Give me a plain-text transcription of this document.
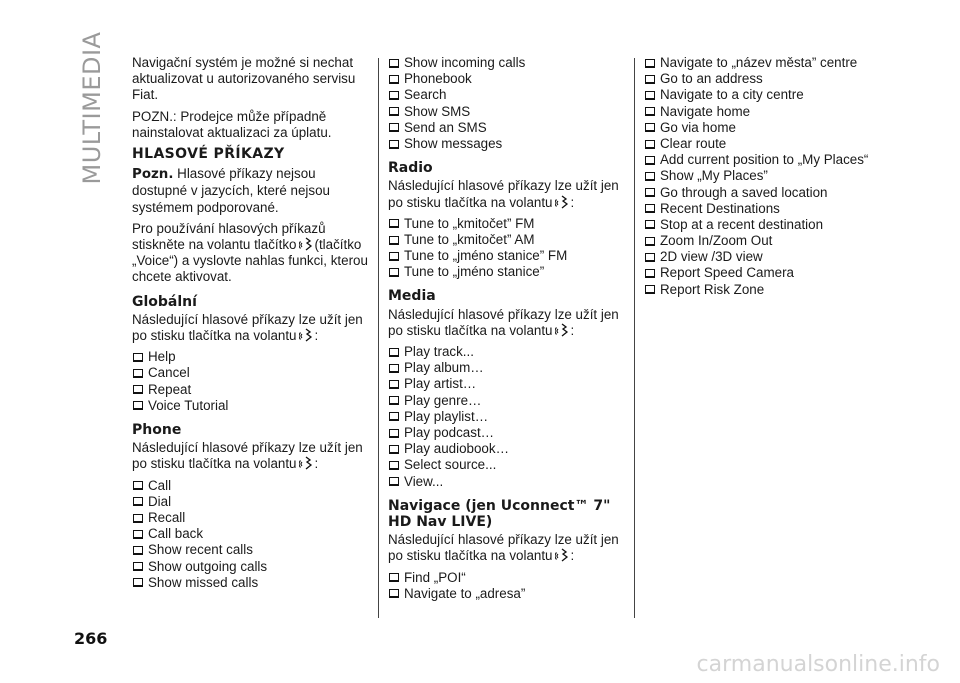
MULTIMEDIA Navigační systém je možné si nechat aktualizovat u autorizovaného servisu Fiat.

POZN.: Prodejce může případně nainstalovat aktualizaci za úplatu.

HLASOVÉ PŘÍKAZY

Pozn. Hlasové příkazy nejsou dostupné v jazycích, které nejsou systémem podporované.

Pro používání hlasových příkazů stiskněte na volantu tlačítko (tlačítko „Voice“) a vyslovte nahlas funkci, kterou chcete aktivovat.

Globální

Následující hlasové příkazy lze užít jen po stisku tlačítka na volantu :

Help
Cancel
Repeat
Voice Tutorial
Phone

Následující hlasové příkazy lze užít jen po stisku tlačítka na volantu :

Call
Dial
Recall
Call back
Show recent calls
Show outgoing calls
Show missed calls
Show incoming calls
Phonebook
Search
Show SMS
Send an SMS
Show messages
Radio

Následující hlasové příkazy lze užít jen po stisku tlačítka na volantu :

Tune to „kmitočet” FM
Tune to „kmitočet” AM
Tune to „jméno stanice” FM
Tune to „jméno stanice”
Media

Následující hlasové příkazy lze užít jen po stisku tlačítka na volantu :

Play track...
Play album…
Play artist…
Play genre…
Play playlist…
Play podcast…
Play audiobook…
Select source...
View...
Navigace (jen Uconnect™ 7" HD Nav LIVE)

Následující hlasové příkazy lze užít jen po stisku tlačítka na volantu :

Find „POI“
Navigate to „adresa”
Navigate to „název města” centre
Go to an address
Navigate to a city centre
Navigate home
Go via home
Clear route
Add current position to „My Places“
Show „My Places”
Go through a saved location
Recent Destinations
Stop at a recent destination
Zoom In/Zoom Out
2D view /3D view
Report Speed Camera
Report Risk Zone
266
carmanualsonline.info
